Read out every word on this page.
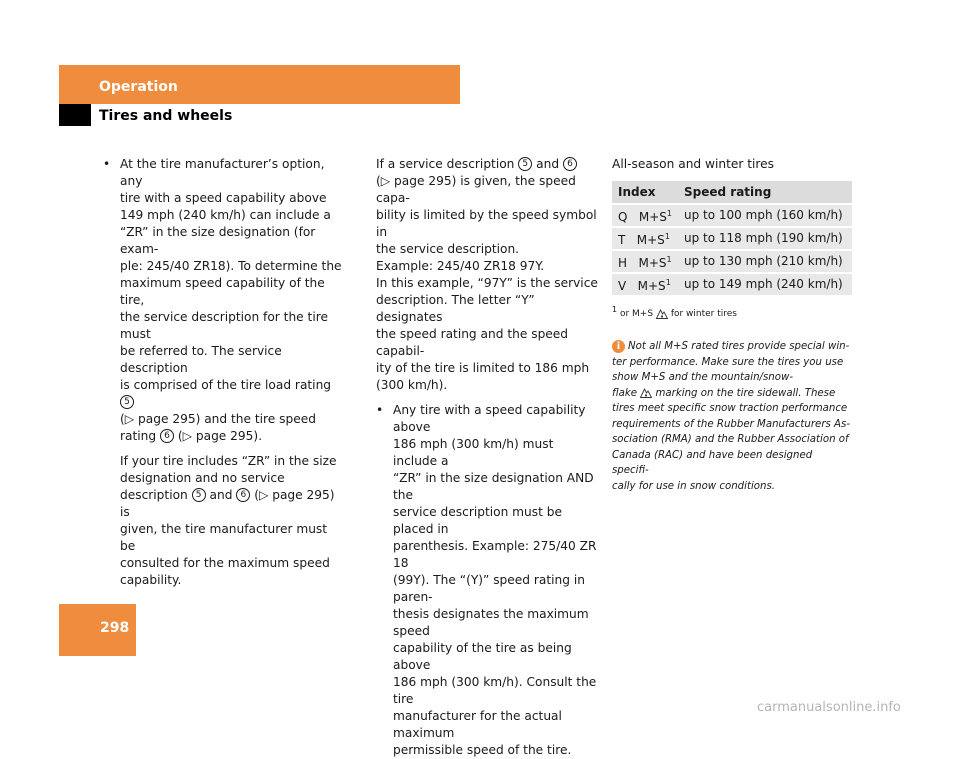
Operation
Tires and wheels
• At the tire manufacturer’s option, any
tire with a speed capability above
149 mph (240 km/h) can include a
“ZR” in the size designation (for exam-
ple: 245/40 ZR18). To determine the
maximum speed capability of the tire,
the service description for the tire must
be referred to. The service description
is comprised of the tire load rating 5
(▷ page 295) and the tire speed
rating 6 (▷ page 295).
If your tire includes “ZR” in the size
designation and no service
description 5 and 6 (▷ page 295) is
given, the tire manufacturer must be
consulted for the maximum speed
capability.
If a service description 5 and 6
(▷ page 295) is given, the speed capa-
bility is limited by the speed symbol in
the service description.
Example: 245/40 ZR18 97Y.
In this example, “97Y” is the service
description. The letter “Y” designates
the speed rating and the speed capabil-
ity of the tire is limited to 186 mph
(300 km/h).
• Any tire with a speed capability above
186 mph (300 km/h) must include a
“ZR” in the size designation AND the
service description must be placed in
parenthesis. Example: 275/40 ZR 18
(99Y). The “(Y)” speed rating in paren-
thesis designates the maximum speed
capability of the tire as being above
186 mph (300 km/h). Consult the tire
manufacturer for the actual maximum
permissible speed of the tire.
All-season and winter tires
Index	Speed rating
Q   $M+S^1$	up to 100 mph (160 km/h)
T   $M+S^1$	up to 118 mph (190 km/h)
H   $M+S^1$	up to 130 mph (210 km/h)
V   $M+S^1$	up to 149 mph (240 km/h)
$^1$ or M+S for winter tires
i Not all M+S rated tires provide special win-
ter performance. Make sure the tires you use
show M+S and the mountain/snow-
flake marking on the tire sidewall. These
tires meet specific snow traction performance
requirements of the Rubber Manufacturers As-
sociation (RMA) and the Rubber Association of
Canada (RAC) and have been designed specifi-
cally for use in snow conditions.
298
carmanualsonline.info
